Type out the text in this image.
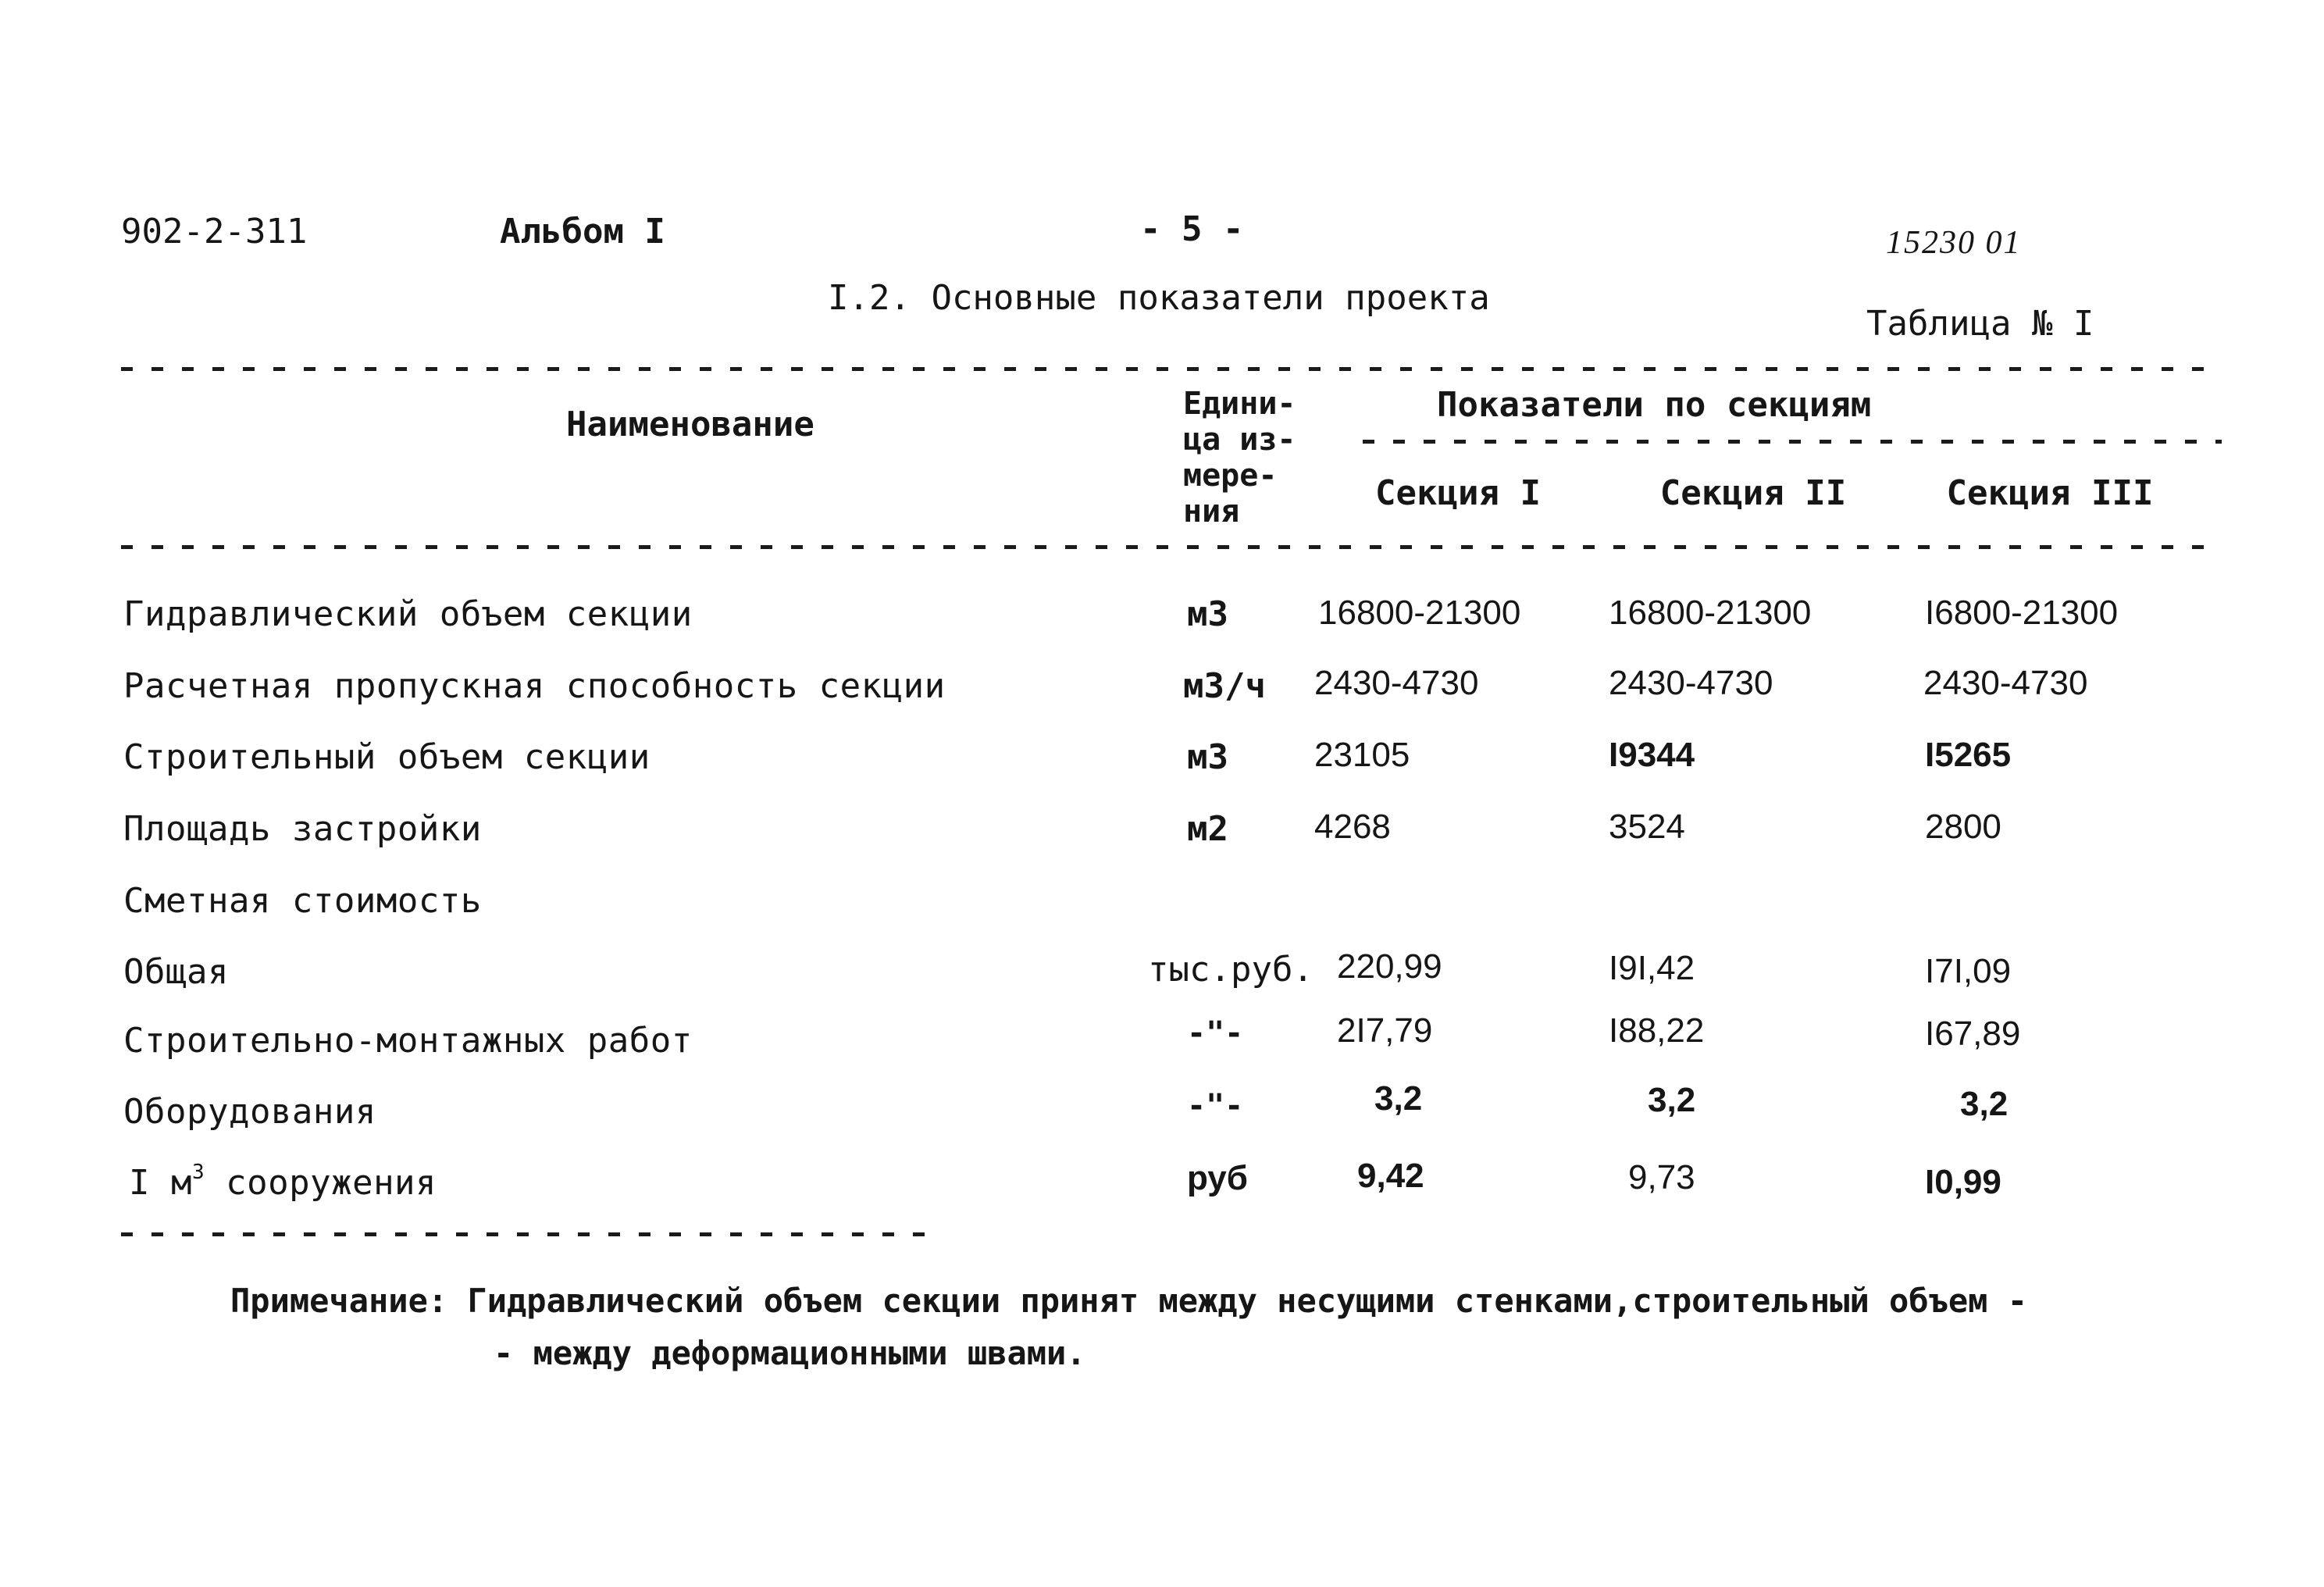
902-2-311	Альбом I	- 5 -	15230 01
I.2. Основные показатели проекта
Таблица № I
Наименование
Едини-
ца из-
мере-
ния
Показатели по секциям
Секция I	Секция II	Секция III
Гидравлический объем секции	м3	16800-21300	16800-21300	I6800-21300
Расчетная пропускная способность секции	м3/ч 2430-4730	2430-4730	2430-4730
Строительный объем секции	м3	23105	I9344	I5265
Площадь застройки	м2	4268	3524	2800
Сметная стоимость
Общая	тыс.руб. 220,99	I9I,42	I7I,09
Строительно-монтажных работ	-"-	2I7,79	I88,22	I67,89
Оборудования	-"-	3,2	3,2	3,2
I $м^3$ сооружения	руб	9,42	9,73	I0,99
Примечание: Гидравлический объем секции принят между несущими стенками,строительный объем -
- между деформационными швами.
